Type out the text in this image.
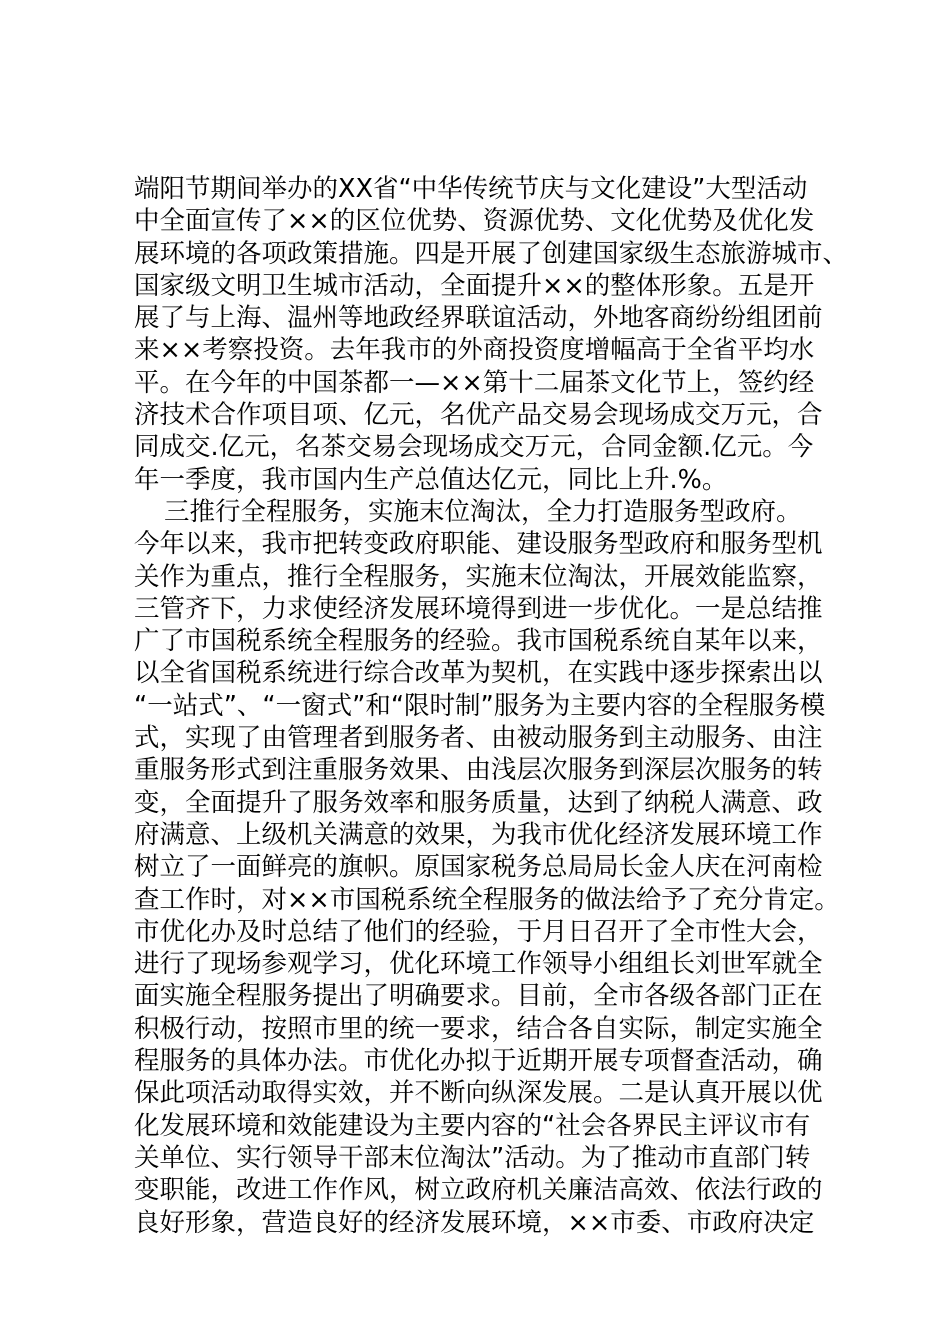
端阳节期间举办的XX省“中华传统节庆与文化建设”大型活动
中全面宣传了××的区位优势、资源优势、文化优势及优化发
展环境的各项政策措施。四是开展了创建国家级生态旅游城市、
国家级文明卫生城市活动，全面提升××的整体形象。五是开
展了与上海、温州等地政经界联谊活动，外地客商纷纷组团前
来××考察投资。去年我市的外商投资度增幅高于全省平均水
平。在今年的中国茶都一—××第十二届茶文化节上，签约经
济技术合作项目项、亿元，名优产品交易会现场成交万元，合
同成交.亿元，名茶交易会现场成交万元，合同金额.亿元。今
年一季度，我市国内生产总值达亿元，同比上升.%。
三推行全程服务，实施末位淘汰，全力打造服务型政府。
今年以来，我市把转变政府职能、建设服务型政府和服务型机
关作为重点，推行全程服务，实施末位淘汰，开展效能监察，
三管齐下，力求使经济发展环境得到进一步优化。一是总结推
广了市国税系统全程服务的经验。我市国税系统自某年以来，
以全省国税系统进行综合改革为契机，在实践中逐步探索出以
“一站式”、“一窗式”和“限时制”服务为主要内容的全程服务模
式，实现了由管理者到服务者、由被动服务到主动服务、由注
重服务形式到注重服务效果、由浅层次服务到深层次服务的转
变，全面提升了服务效率和服务质量，达到了纳税人满意、政
府满意、上级机关满意的效果，为我市优化经济发展环境工作
树立了一面鲜亮的旗帜。原国家税务总局局长金人庆在河南检
查工作时，对××市国税系统全程服务的做法给予了充分肯定。
市优化办及时总结了他们的经验，于月日召开了全市性大会，
进行了现场参观学习，优化环境工作领导小组组长刘世军就全
面实施全程服务提出了明确要求。目前，全市各级各部门正在
积极行动，按照市里的统一要求，结合各自实际，制定实施全
程服务的具体办法。市优化办拟于近期开展专项督查活动，确
保此项活动取得实效，并不断向纵深发展。二是认真开展以优
化发展环境和效能建设为主要内容的“社会各界民主评议市有
关单位、实行领导干部末位淘汰”活动。为了推动市直部门转
变职能，改进工作作风，树立政府机关廉洁高效、依法行政的
良好形象，营造良好的经济发展环境，××市委、市政府决定
